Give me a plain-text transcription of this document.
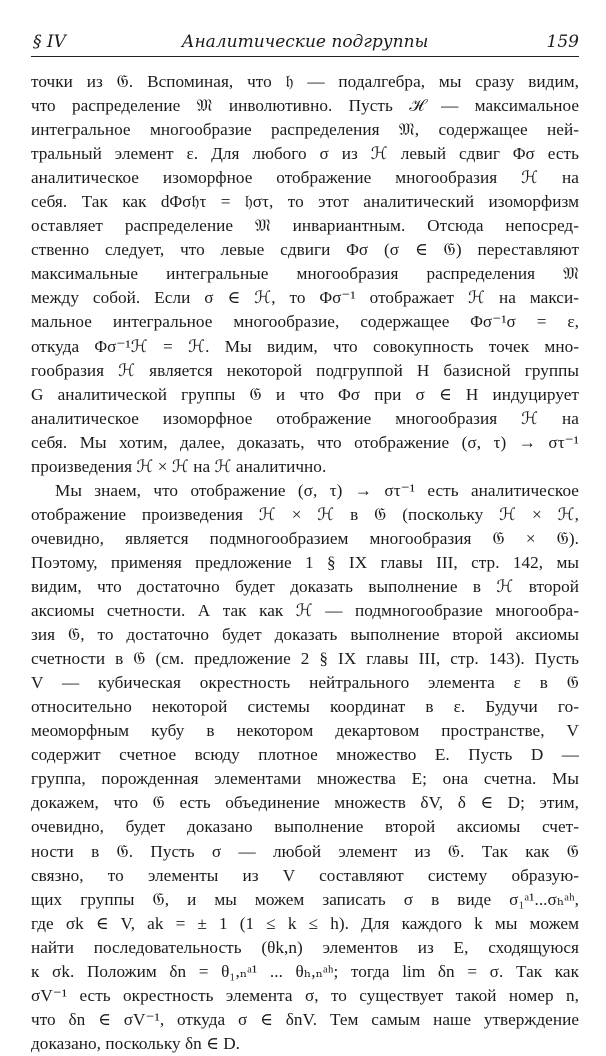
§ IV	Аналитические подгруппы	159
точки из 𝔊. Вспоминая, что 𝔥 — подалгебра, мы сразу видим,
что распределение 𝔐 инволютивно. Пусть ℋ — максимальное
интегральное многообразие распределения 𝔐, содержащее ней-
тральный элемент ε. Для любого σ из ℋ левый сдвиг Φσ есть
аналитическое изоморфное отображение многообразия ℋ на
себя. Так как dΦσ𝔥τ = 𝔥στ, то этот аналитический изоморфизм
оставляет распределение 𝔐 инвариантным. Отсюда непосред-
ственно следует, что левые сдвиги Φσ (σ ∈ 𝔊) переставляют
максимальные интегральные многообразия распределения 𝔐
между собой. Если σ ∈ ℋ, то Φσ⁻¹ отображает ℋ на макси-
мальное интегральное многообразие, содержащее Φσ⁻¹σ = ε,
откуда Φσ⁻¹ℋ = ℋ. Мы видим, что совокупность точек мно-
гообразия ℋ является некоторой подгруппой H базисной группы
G аналитической группы 𝔊 и что Φσ при σ ∈ H индуцирует
аналитическое изоморфное отображение многообразия ℋ на
себя. Мы хотим, далее, доказать, что отображение (σ, τ) → στ⁻¹
произведения ℋ × ℋ на ℋ аналитично.
Мы знаем, что отображение (σ, τ) → στ⁻¹ есть аналитическое
отображение произведения ℋ × ℋ в 𝔊 (поскольку ℋ × ℋ,
очевидно, является подмногообразием многообразия 𝔊 × 𝔊).
Поэтому, применяя предложение 1 § IX главы III, стр. 142, мы
видим, что достаточно будет доказать выполнение в ℋ второй
аксиомы счетности. А так как ℋ — подмногообразие многообра-
зия 𝔊, то достаточно будет доказать выполнение второй аксиомы
счетности в 𝔊 (см. предложение 2 § IX главы III, стр. 143). Пусть
V — кубическая окрестность нейтрального элемента ε в 𝔊
относительно некоторой системы координат в ε. Будучи го-
меоморфным кубу в некотором декартовом пространстве, V
содержит счетное всюду плотное множество E. Пусть D —
группа, порожденная элементами множества E; она счетна. Мы
докажем, что 𝔊 есть объединение множеств δV, δ ∈ D; этим,
очевидно, будет доказано выполнение второй аксиомы счет-
ности в 𝔊. Пусть σ — любой элемент из 𝔊. Так как 𝔊
связно, то элементы из V составляют систему образую-
щих группы 𝔊, и мы можем записать σ в виде σ₁ᵃ¹...σₕᵃʰ,
где σk ∈ V, ak = ± 1 (1 ≤ k ≤ h). Для каждого k мы можем
найти последовательность (θk,n) элементов из E, сходящуюся
к σk. Положим δn = θ₁,ₙᵃ¹ ... θₕ,ₙᵃʰ; тогда lim δn = σ. Так как
σV⁻¹ есть окрестность элемента σ, то существует такой номер n,
что δn ∈ σV⁻¹, откуда σ ∈ δnV. Тем самым наше утверждение
доказано, поскольку δn ∈ D.
